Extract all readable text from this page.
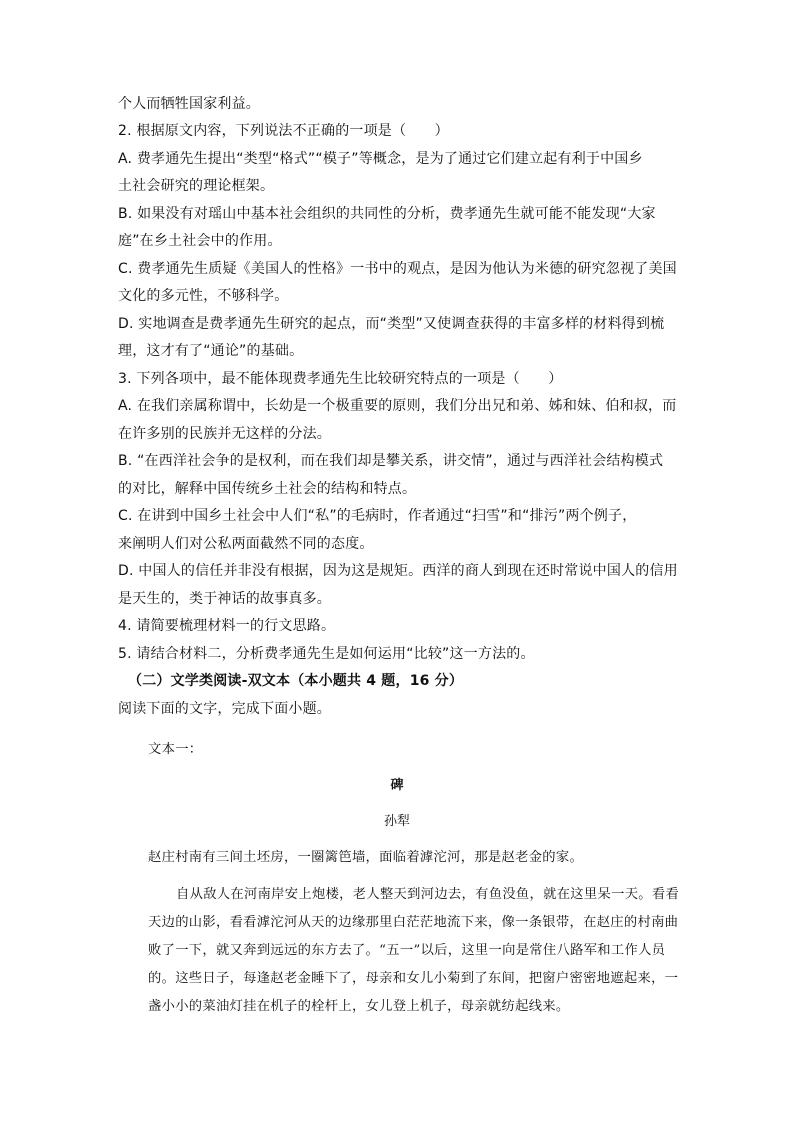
个人而牺牲国家利益。
2. 根据原文内容，下列说法不正确的一项是（　　）
A. 费孝通先生提出“类型“格式”“模子”等概念，是为了通过它们建立起有利于中国乡
土社会研究的理论框架。
B. 如果没有对瑶山中基本社会组织的共同性的分析，费孝通先生就可能不能发现“大家
庭”在乡土社会中的作用。
C. 费孝通先生质疑《美国人的性格》一书中的观点，是因为他认为米德的研究忽视了美国
文化的多元性，不够科学。
D. 实地调查是费孝通先生研究的起点，而“类型”又使调查获得的丰富多样的材料得到梳
理，这才有了“通论”的基础。
3. 下列各项中，最不能体现费孝通先生比较研究特点的一项是（　　）
A. 在我们亲属称谓中，长幼是一个极重要的原则，我们分出兄和弟、姊和妹、伯和叔，而
在许多别的民族并无这样的分法。
B. “在西洋社会争的是权利，而在我们却是攀关系，讲交情”，通过与西洋社会结构模式
的对比，解释中国传统乡土社会的结构和特点。
C. 在讲到中国乡土社会中人们“私”的毛病时，作者通过“扫雪”和“排污”两个例子，
来阐明人们对公私两面截然不同的态度。
D. 中国人的信任并非没有根据，因为这是规矩。西洋的商人到现在还时常说中国人的信用
是天生的，类于神话的故事真多。
4. 请简要梳理材料一的行文思路。
5. 请结合材料二，分析费孝通先生是如何运用“比较”这一方法的。
（二）文学类阅读-双文本（本小题共 4 题，16 分）
阅读下面的文字，完成下面小题。
文本一：
碑
孙犁
赵庄村南有三间土坯房，一圈篱笆墙，面临着滹沱河，那是赵老金的家。
自从敌人在河南岸安上炮楼，老人整天到河边去，有鱼没鱼，就在这里呆一天。看看
天边的山影，看看滹沱河从天的边缘那里白茫茫地流下来，像一条银带，在赵庄的村南曲
败了一下，就又奔到远远的东方去了。“五一”以后，这里一向是常住八路军和工作人员
的。这些日子，每逢赵老金睡下了，母亲和女儿小菊到了东间，把窗户密密地遮起来，一
盏小小的菜油灯挂在机子的栓杆上，女儿登上机子，母亲就纺起线来。
